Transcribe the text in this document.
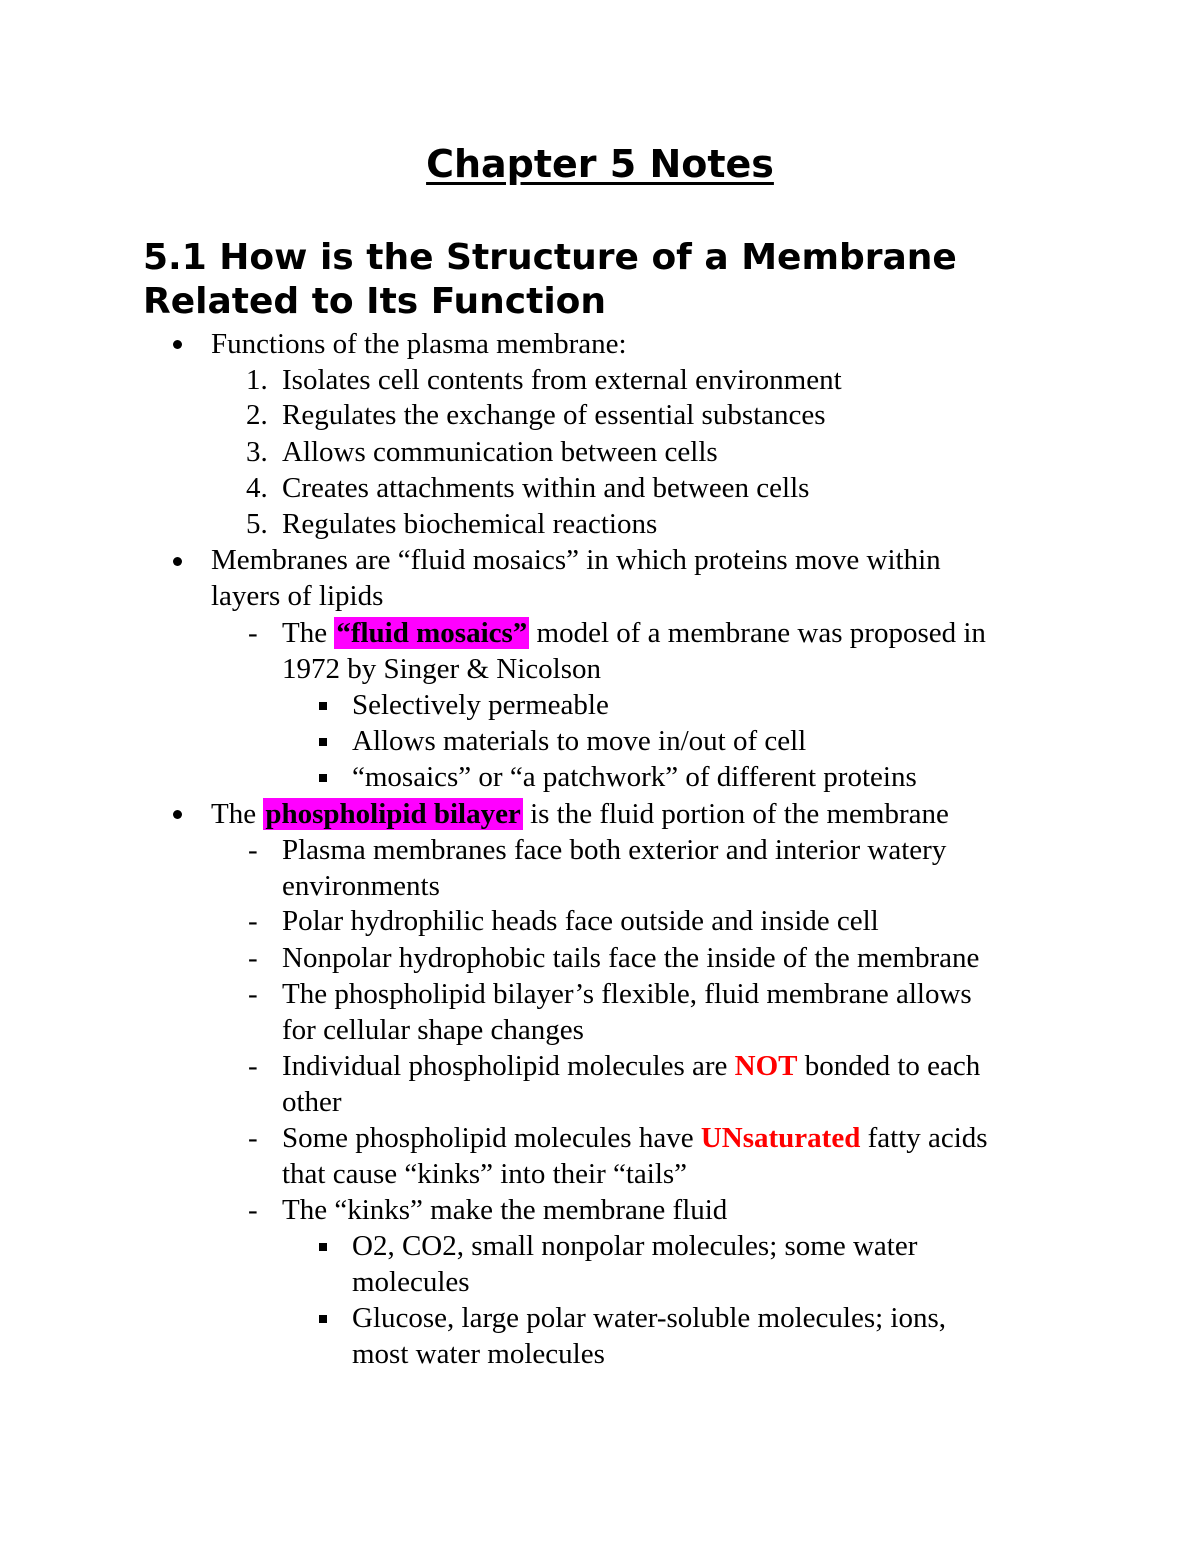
Chapter 5 Notes
5.1 How is the Structure of a Membrane
Related to Its Function
Functions of the plasma membrane:
1. Isolates cell contents from external environment
2. Regulates the exchange of essential substances
3. Allows communication between cells
4. Creates attachments within and between cells
5. Regulates biochemical reactions
Membranes are “fluid mosaics” in which proteins move within
layers of lipids
- The “fluid mosaics” model of a membrane was proposed in
1972 by Singer & Nicolson
Selectively permeable
Allows materials to move in/out of cell
“mosaics” or “a patchwork” of different proteins
The phospholipid bilayer is the fluid portion of the membrane
- Plasma membranes face both exterior and interior watery
environments
- Polar hydrophilic heads face outside and inside cell
- Nonpolar hydrophobic tails face the inside of the membrane
- The phospholipid bilayer’s flexible, fluid membrane allows
for cellular shape changes
- Individual phospholipid molecules are NOT bonded to each
other
- Some phospholipid molecules have UNsaturated fatty acids
that cause “kinks” into their “tails”
- The “kinks” make the membrane fluid
O2, CO2, small nonpolar molecules; some water
molecules
Glucose, large polar water-soluble molecules; ions,
most water molecules
